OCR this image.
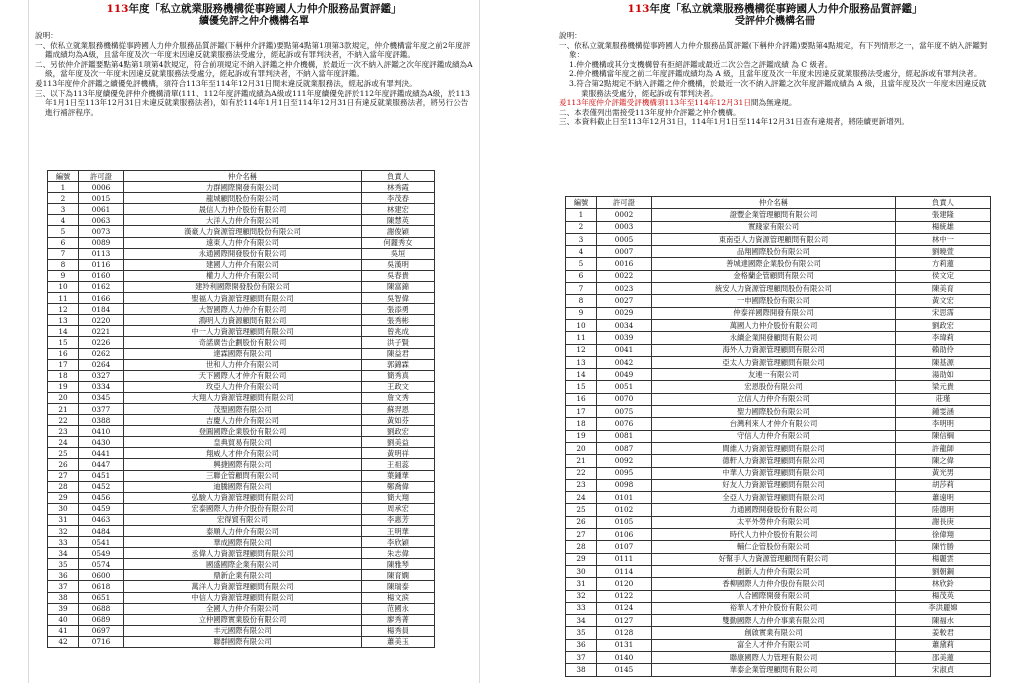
113年度「私立就業服務機構從事跨國人力仲介服務品質評鑑」
續優免評之仲介機構名單

說明：

一、依私立就業服務機構從事跨國人力仲介服務品質評鑑(下稱仲介評鑑)要點第4點第1項第3款規定，仲介機構當年度之前2年度評鑑成績均為A級，且當年度及次一年度未因違反就業服務法受處分，經起訴或有罪判決者，不納入當年度評鑑。

二、另依仲介評鑑要點第4點第1項第4款規定，符合前項規定不納入評鑑之仲介機構，於最近一次不納入評鑑之次年度評鑑成績為A級，當年度及次一年度未因違反就業服務法受處分，經起訴或有罪判決者，不納入當年度評鑑。

爰113年度仲介評鑑之續優免評機構，須符合113年至114年12月31日間未違反就業服務法，經起訴或有罪判決。

三、以下為113年度續優免評仲介機構清單(111、112年度評鑑成績為A級或111年度續優免評於112年度評鑑成績為A級，於113年1月1日至113年12月31日未違反就業服務法者)，如有於114年1月1日至114年12月31日有違反就業服務法者，將另行公告進行補評程序。

編號	許可證	仲介名稱	負責人
1	0006	力群國際開發有限公司	林秀霞
2	0015	龍城顧問股份有限公司	李茂春
3	0061	晟信人力仲介股份有限公司	林建宏
4	0063	大洋人力仲介有限公司	陳慧英
5	0073	漢豪人力資源管理顧問股份有限公司	謝俊穎
6	0089	遠東人力仲介有限公司	何麗秀女
7	0113	永通國際開發股份有限公司	吳垣
8	0116	建國人力仲介有限公司	吳漢明
9	0160	權力人力仲介有限公司	吳春貴
10	0162	建羚利國際開發股份有限公司	陳富錦
11	0166	聖福人力資源管理顧問有限公司	吳智偉
12	0184	大智國際人力仲介有限公司	張添勇
13	0220	鴻明人力資源顧問有限公司	張秀彬
14	0221	中一人力資源管理顧問有限公司	曾兆成
15	0226	奇諾廣告企劃股份有限公司	洪子賢
16	0262	達霖國際有限公司	陳益君
17	0264	世和人力仲介有限公司	郭錦霖
18	0327	天下國際人才仲介有限公司	簡秀真
19	0334	玫亞人力仲介有限公司	王政文
20	0345	大翔人力資源管理顧問有限公司	詹文秀
21	0377	茂聖國際有限公司	蘇羿恩
22	0388	吉慶人力仲介有限公司	黃如芬
23	0410	登圓國際企業股份有限公司	劉政宏
24	0430	皇典貿易有限公司	劉美益
25	0441	翔威人才仲介有限公司	黃明祥
26	0447	興捷國際有限公司	王祖蕊
27	0451	三聯企管顧問有限公司	葉鍾華
28	0452	迪騰國際有限公司	鄭喬偉
29	0456	弘駿人力資源管理顧問有限公司	簡大翔
30	0459	宏泰國際人力仲介股份有限公司	周承宏
31	0463	宏得貿有限公司	李惠芳
32	0484	泰順人力仲介有限公司	王明華
33	0541	華成國際有限公司	李欣穎
34	0549	丞偉人力資源管理顧問有限公司	朱志偉
35	0574	國盛國際企業有限公司	陳雅琴
36	0600	鼎新企業有限公司	陳育嫻
37	0618	萬洋人力資源管理顧問有限公司	陳瑞泰
38	0651	中信人力資源管理顧問有限公司	楊文滨
39	0688	全國人力仲介有限公司	范國永
40	0689	立仲國際實業股份有限公司	廖秀菁
41	0697	丰元國際有限公司	楊秀員
42	0716	聯群國際有限公司	蕭美玉
113年度「私立就業服務機構從事跨國人力仲介服務品質評鑑」
受評仲介機構名冊

說明：

一、依私立就業服務機構從事跨國人力仲介服務品質評鑑(下稱仲介評鑑)要點第4點規定，有下列情形之一，當年度不納入評鑑對象：

1.仲介機構或其分支機構曾有拒絕評鑑或最近二次公告之評鑑成績 為 C 級者。

2.仲介機構當年度之前二年度評鑑成績均為 A 級，且當年度及次一年度未因違反就業服務法受處分，經起訴或有罪判決者。

3.符合第2點規定不納入評鑑之仲介機構，於最近一次不納入評鑑之次年度評鑑成績為 A 級，且當年度及次一年度未因違反就業服務法受處分，經起訴或有罪判決者。

爰113年度仲介評鑑受評機構須113年至114年12月31日間為無違規。

二、本表僅列出需接受113年度仲介評鑑之仲介機構。

三、本資料截止日至113年12月31日，114年1月1日至114年12月31日查有違規者，將陸續更新增列。

編號	許可證	仲介名稱	負責人
1	0002	證豐企業管理顧問有限公司	張建隆
2	0003	實踐家有限公司	楊統雄
3	0005	東南亞人力資源管理顧問有限公司	林中一
4	0007	品翔國際股份有限公司	劉曉萱
5	0016	善城達國際企業股份有限公司	方莉蓮
6	0022	金格蘭企管顧問有限公司	侯文定
7	0023	統安人力資源管理顧問股份有限公司	陳美育
8	0027	一申國際股份有限公司	黃文宏
9	0029	仲泰祥國際開發有限公司	宋思霈
10	0034	萬國人力仲介股份有限公司	劉政宏
11	0039	永續企業開發顧問有限公司	李瑋莉
12	0041	海外人力資源管理顧問有限公司	賴劭伶
13	0042	亞太人力資源管理顧問有限公司	陳基源
14	0049	友連一有限公司	湯劭如
15	0051	宏恩股份有限公司	梁元貴
16	0070	立信人力仲介有限公司	莊瑾
17	0075	聖力國際股份有限公司	鍾雯涵
18	0076	台灣利來人才仲介有限公司	李明明
19	0081	守信人力仲介有限公司	陳信綱
20	0087	間維人力資源管理顧問有限公司	許龍師
21	0092	德軒人力資源管理顧問有限公司	陳之偉
22	0095	中華人力資源管理顧問有限公司	黃光男
23	0098	好友人力資源管理顧問有限公司	胡莎莉
24	0101	全亞人力資源管理顧問有限公司	蕭遠明
25	0102	力通國際開發股份有限公司	陸德明
26	0105	太平外勞仲介有限公司	謝長庚
27	0106	時代人力仲介股份有限公司	徐偉翔
28	0107	輔仁企管股份有限公司	陳竹勝
29	0111	好幫手人力資源管理顧問有限公司	楊麗雲
30	0114	創新人力仲介有限公司	劉朝鋼
31	0120	香柳國際人力仲介股份有限公司	林欣鈴
32	0122	人合國際開發有限公司	楊茂英
33	0124	裕華人才仲介股份有限公司	李洪麗嫦
34	0127	雙勤國際人力仲介事業有限公司	陳福水
35	0128	創啟實業有限公司	姜較君
36	0131	富全人才仲介有限公司	蕭黛莉
37	0140	聯康國際人力管理有限公司	邵美蓮
38	0145	華泰企業管理顧問有限公司	宋淑貞
